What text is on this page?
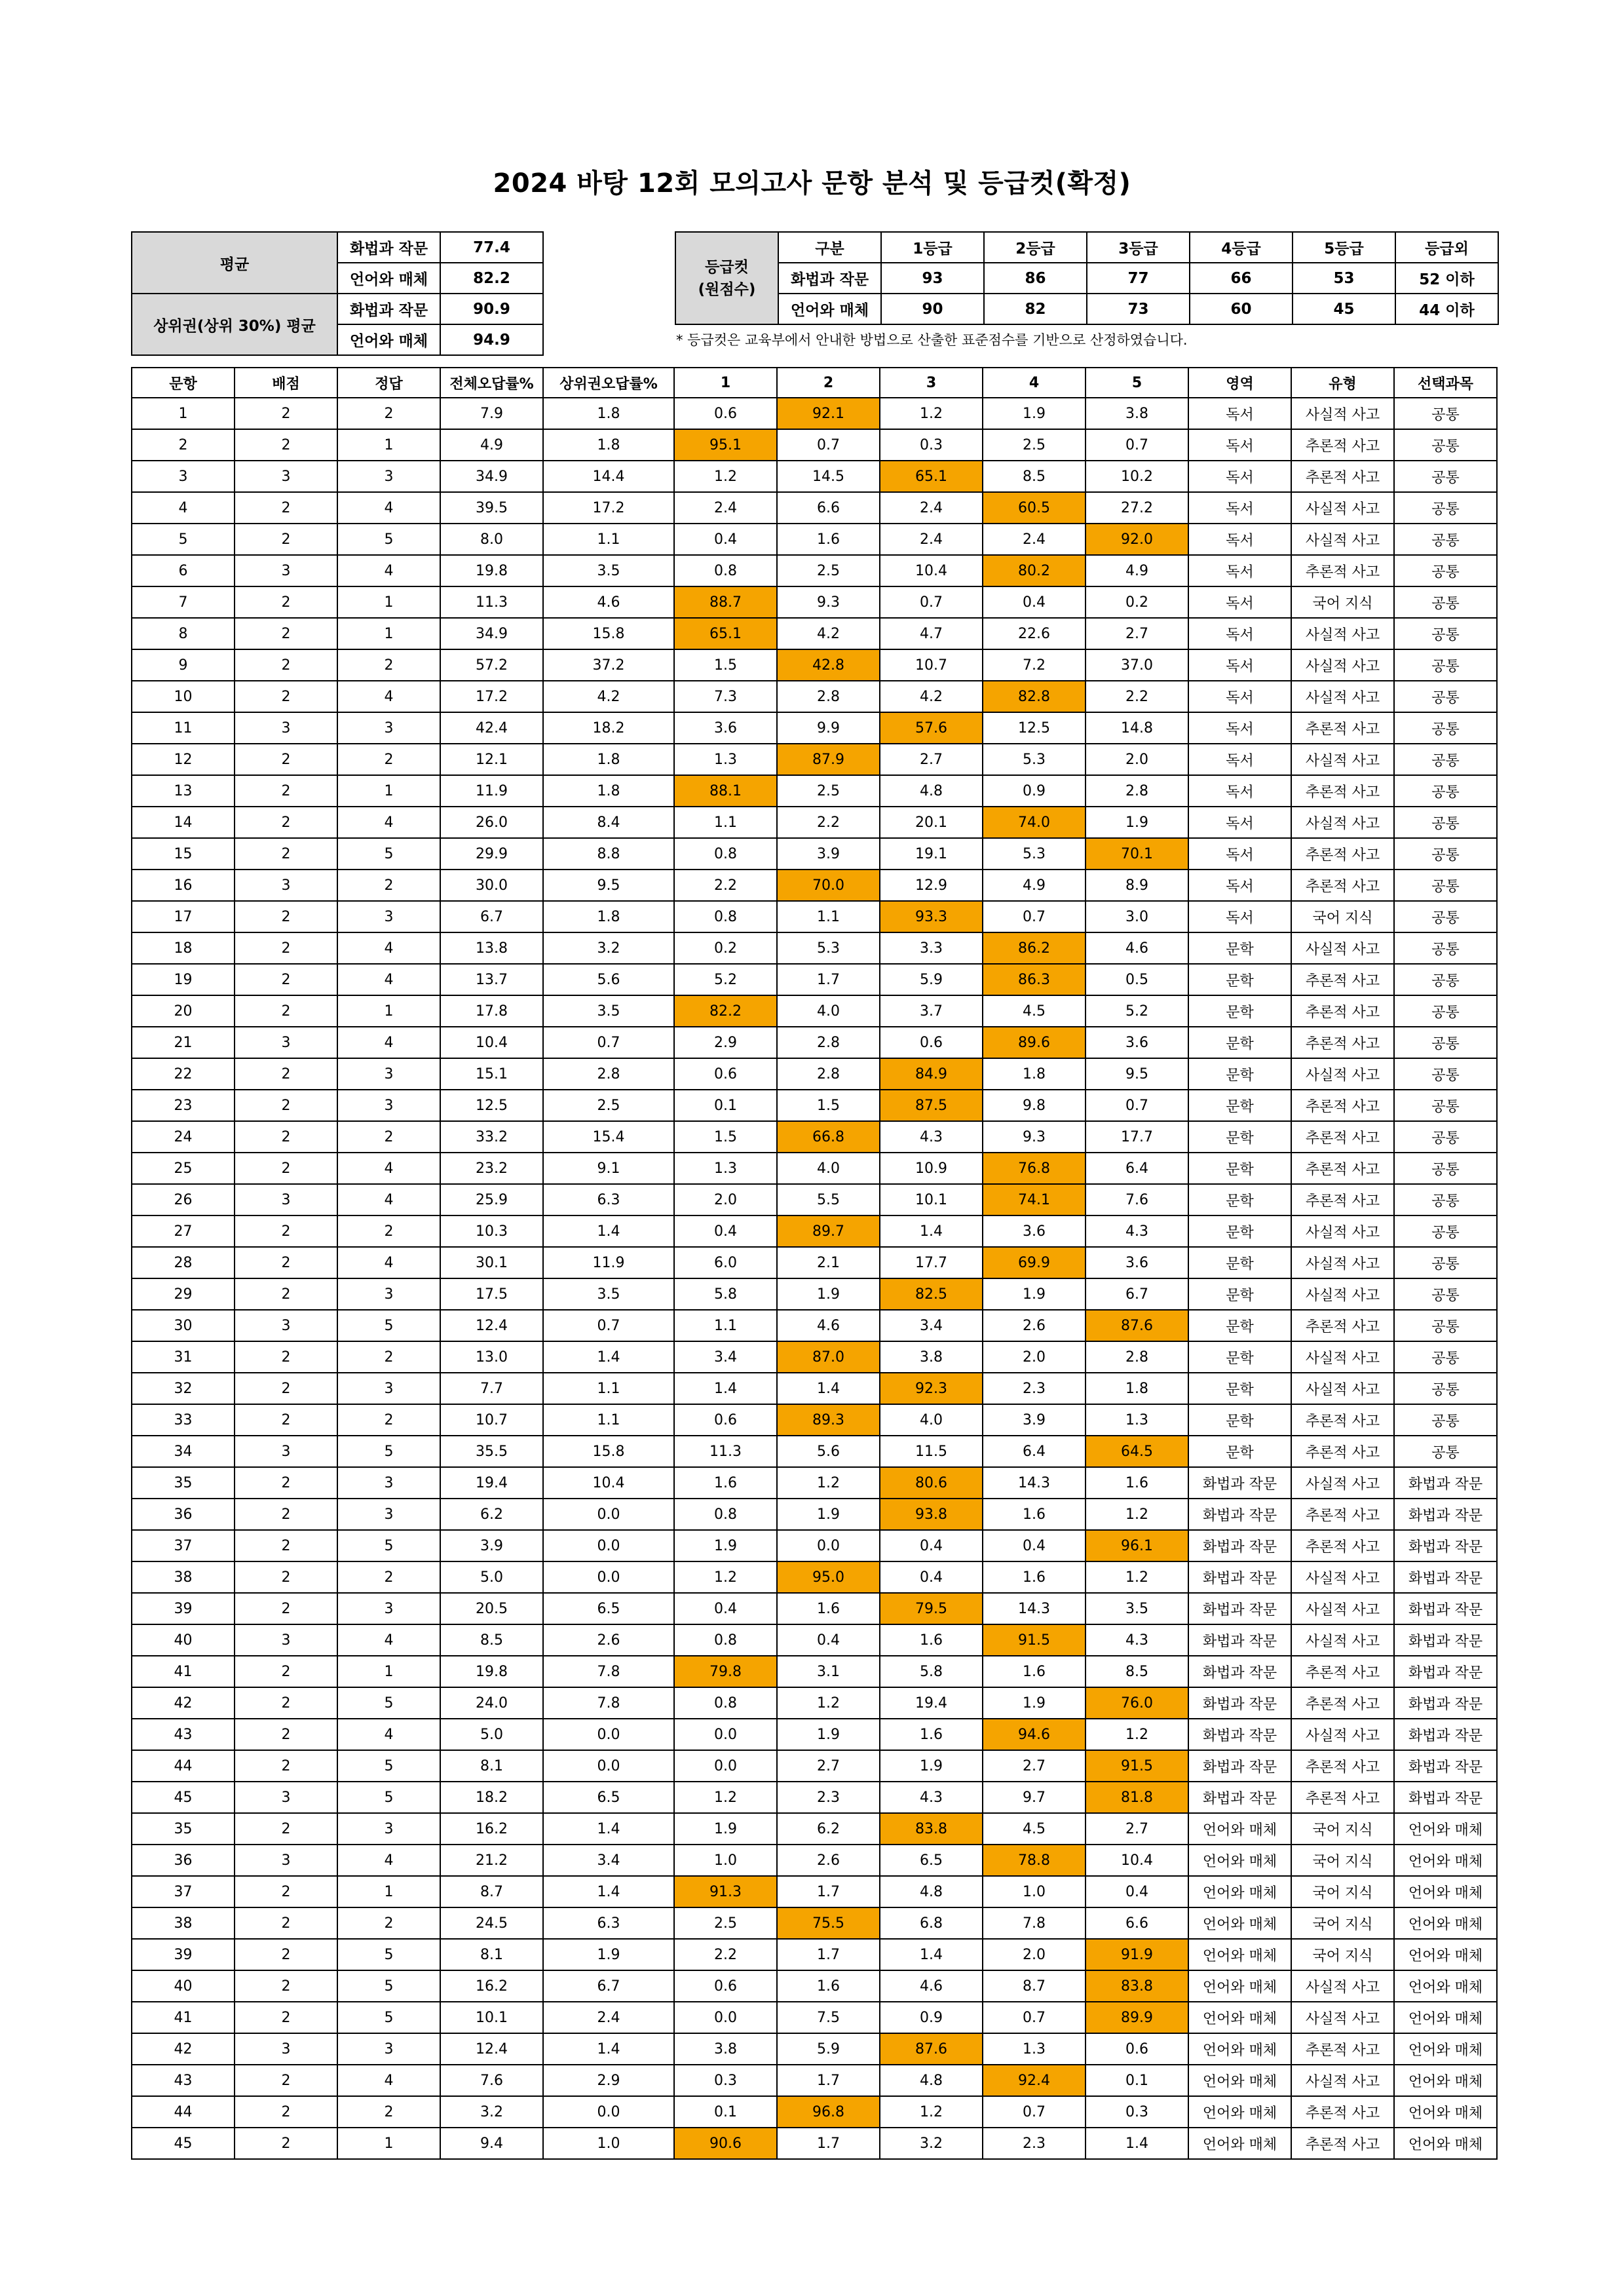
2024 바탕 12회 모의고사 문항 분석 및 등급컷(확정)
평균	화법과 작문	77.4
	언어와 매체	82.2
상위권(상위 30%) 평균	화법과 작문	90.9
	언어와 매체	94.9
등급컷
(원점수)	구분	1등급	2등급	3등급	4등급	5등급	등급외
	화법과 작문	93	86	77	66	53	52 이하
	언어와 매체	90	82	73	60	45	44 이하
* 등급컷은 교육부에서 안내한 방법으로 산출한 표준점수를 기반으로 산정하였습니다.
문항	배점	정답	전체오답률%	상위권오답률%	1	2	3	4	5	영역	유형	선택과목
1	2	2	7.9	1.8	0.6	92.1	1.2	1.9	3.8	독서	사실적 사고	공통
2	2	1	4.9	1.8	95.1	0.7	0.3	2.5	0.7	독서	추론적 사고	공통
3	3	3	34.9	14.4	1.2	14.5	65.1	8.5	10.2	독서	추론적 사고	공통
4	2	4	39.5	17.2	2.4	6.6	2.4	60.5	27.2	독서	사실적 사고	공통
5	2	5	8.0	1.1	0.4	1.6	2.4	2.4	92.0	독서	사실적 사고	공통
6	3	4	19.8	3.5	0.8	2.5	10.4	80.2	4.9	독서	추론적 사고	공통
7	2	1	11.3	4.6	88.7	9.3	0.7	0.4	0.2	독서	국어 지식	공통
8	2	1	34.9	15.8	65.1	4.2	4.7	22.6	2.7	독서	사실적 사고	공통
9	2	2	57.2	37.2	1.5	42.8	10.7	7.2	37.0	독서	사실적 사고	공통
10	2	4	17.2	4.2	7.3	2.8	4.2	82.8	2.2	독서	사실적 사고	공통
11	3	3	42.4	18.2	3.6	9.9	57.6	12.5	14.8	독서	추론적 사고	공통
12	2	2	12.1	1.8	1.3	87.9	2.7	5.3	2.0	독서	사실적 사고	공통
13	2	1	11.9	1.8	88.1	2.5	4.8	0.9	2.8	독서	추론적 사고	공통
14	2	4	26.0	8.4	1.1	2.2	20.1	74.0	1.9	독서	사실적 사고	공통
15	2	5	29.9	8.8	0.8	3.9	19.1	5.3	70.1	독서	추론적 사고	공통
16	3	2	30.0	9.5	2.2	70.0	12.9	4.9	8.9	독서	추론적 사고	공통
17	2	3	6.7	1.8	0.8	1.1	93.3	0.7	3.0	독서	국어 지식	공통
18	2	4	13.8	3.2	0.2	5.3	3.3	86.2	4.6	문학	사실적 사고	공통
19	2	4	13.7	5.6	5.2	1.7	5.9	86.3	0.5	문학	추론적 사고	공통
20	2	1	17.8	3.5	82.2	4.0	3.7	4.5	5.2	문학	추론적 사고	공통
21	3	4	10.4	0.7	2.9	2.8	0.6	89.6	3.6	문학	추론적 사고	공통
22	2	3	15.1	2.8	0.6	2.8	84.9	1.8	9.5	문학	사실적 사고	공통
23	2	3	12.5	2.5	0.1	1.5	87.5	9.8	0.7	문학	추론적 사고	공통
24	2	2	33.2	15.4	1.5	66.8	4.3	9.3	17.7	문학	추론적 사고	공통
25	2	4	23.2	9.1	1.3	4.0	10.9	76.8	6.4	문학	추론적 사고	공통
26	3	4	25.9	6.3	2.0	5.5	10.1	74.1	7.6	문학	추론적 사고	공통
27	2	2	10.3	1.4	0.4	89.7	1.4	3.6	4.3	문학	사실적 사고	공통
28	2	4	30.1	11.9	6.0	2.1	17.7	69.9	3.6	문학	사실적 사고	공통
29	2	3	17.5	3.5	5.8	1.9	82.5	1.9	6.7	문학	사실적 사고	공통
30	3	5	12.4	0.7	1.1	4.6	3.4	2.6	87.6	문학	추론적 사고	공통
31	2	2	13.0	1.4	3.4	87.0	3.8	2.0	2.8	문학	사실적 사고	공통
32	2	3	7.7	1.1	1.4	1.4	92.3	2.3	1.8	문학	사실적 사고	공통
33	2	2	10.7	1.1	0.6	89.3	4.0	3.9	1.3	문학	추론적 사고	공통
34	3	5	35.5	15.8	11.3	5.6	11.5	6.4	64.5	문학	추론적 사고	공통
35	2	3	19.4	10.4	1.6	1.2	80.6	14.3	1.6	화법과 작문	사실적 사고	화법과 작문
36	2	3	6.2	0.0	0.8	1.9	93.8	1.6	1.2	화법과 작문	추론적 사고	화법과 작문
37	2	5	3.9	0.0	1.9	0.0	0.4	0.4	96.1	화법과 작문	추론적 사고	화법과 작문
38	2	2	5.0	0.0	1.2	95.0	0.4	1.6	1.2	화법과 작문	사실적 사고	화법과 작문
39	2	3	20.5	6.5	0.4	1.6	79.5	14.3	3.5	화법과 작문	사실적 사고	화법과 작문
40	3	4	8.5	2.6	0.8	0.4	1.6	91.5	4.3	화법과 작문	사실적 사고	화법과 작문
41	2	1	19.8	7.8	79.8	3.1	5.8	1.6	8.5	화법과 작문	추론적 사고	화법과 작문
42	2	5	24.0	7.8	0.8	1.2	19.4	1.9	76.0	화법과 작문	추론적 사고	화법과 작문
43	2	4	5.0	0.0	0.0	1.9	1.6	94.6	1.2	화법과 작문	사실적 사고	화법과 작문
44	2	5	8.1	0.0	0.0	2.7	1.9	2.7	91.5	화법과 작문	추론적 사고	화법과 작문
45	3	5	18.2	6.5	1.2	2.3	4.3	9.7	81.8	화법과 작문	추론적 사고	화법과 작문
35	2	3	16.2	1.4	1.9	6.2	83.8	4.5	2.7	언어와 매체	국어 지식	언어와 매체
36	3	4	21.2	3.4	1.0	2.6	6.5	78.8	10.4	언어와 매체	국어 지식	언어와 매체
37	2	1	8.7	1.4	91.3	1.7	4.8	1.0	0.4	언어와 매체	국어 지식	언어와 매체
38	2	2	24.5	6.3	2.5	75.5	6.8	7.8	6.6	언어와 매체	국어 지식	언어와 매체
39	2	5	8.1	1.9	2.2	1.7	1.4	2.0	91.9	언어와 매체	국어 지식	언어와 매체
40	2	5	16.2	6.7	0.6	1.6	4.6	8.7	83.8	언어와 매체	사실적 사고	언어와 매체
41	2	5	10.1	2.4	0.0	7.5	0.9	0.7	89.9	언어와 매체	사실적 사고	언어와 매체
42	3	3	12.4	1.4	3.8	5.9	87.6	1.3	0.6	언어와 매체	추론적 사고	언어와 매체
43	2	4	7.6	2.9	0.3	1.7	4.8	92.4	0.1	언어와 매체	사실적 사고	언어와 매체
44	2	2	3.2	0.0	0.1	96.8	1.2	0.7	0.3	언어와 매체	추론적 사고	언어와 매체
45	2	1	9.4	1.0	90.6	1.7	3.2	2.3	1.4	언어와 매체	추론적 사고	언어와 매체
